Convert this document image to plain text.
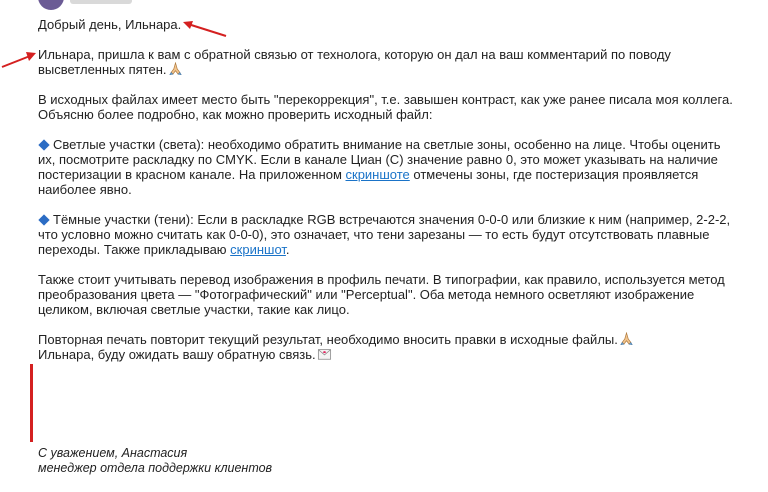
Добрый день, Ильнара.

Ильнара, пришла к вам с обратной связью от технолога, которую он дал на ваш комментарий по поводу

высветленных пятен.

В исходных файлах имеет место быть "перекоррекция", т.е. завышен контраст, как уже ранее писала моя коллега.

Объясню более подробно, как можно проверить исходный файл:

Светлые участки (света): необходимо обратить внимание на светлые зоны, особенно на лице. Чтобы оценить

их, посмотрите раскладку по CMYK. Если в канале Циан (С) значение равно 0, это может указывать на наличие

постеризации в красном канале. На приложенном скриншоте отмечены зоны, где постеризация проявляется

наиболее явно.

Тёмные участки (тени): Если в раскладке RGB встречаются значения 0-0-0 или близкие к ним (например, 2-2-2,

что условно можно считать как 0-0-0), это означает, что тени зарезаны — то есть будут отсутствовать плавные

переходы. Также прикладываю скриншот.

Также стоит учитывать перевод изображения в профиль печати. В типографии, как правило, используется метод

преобразования цвета — "Фотографический" или "Perceptual". Оба метода немного осветляют изображение

целиком, включая светлые участки, такие как лицо.

Повторная печать повторит текущий результат, необходимо вносить правки в исходные файлы.

Ильнара, буду ожидать вашу обратную связь.

С уважением, Анастасия
менеджер отдела поддержки клиентов
